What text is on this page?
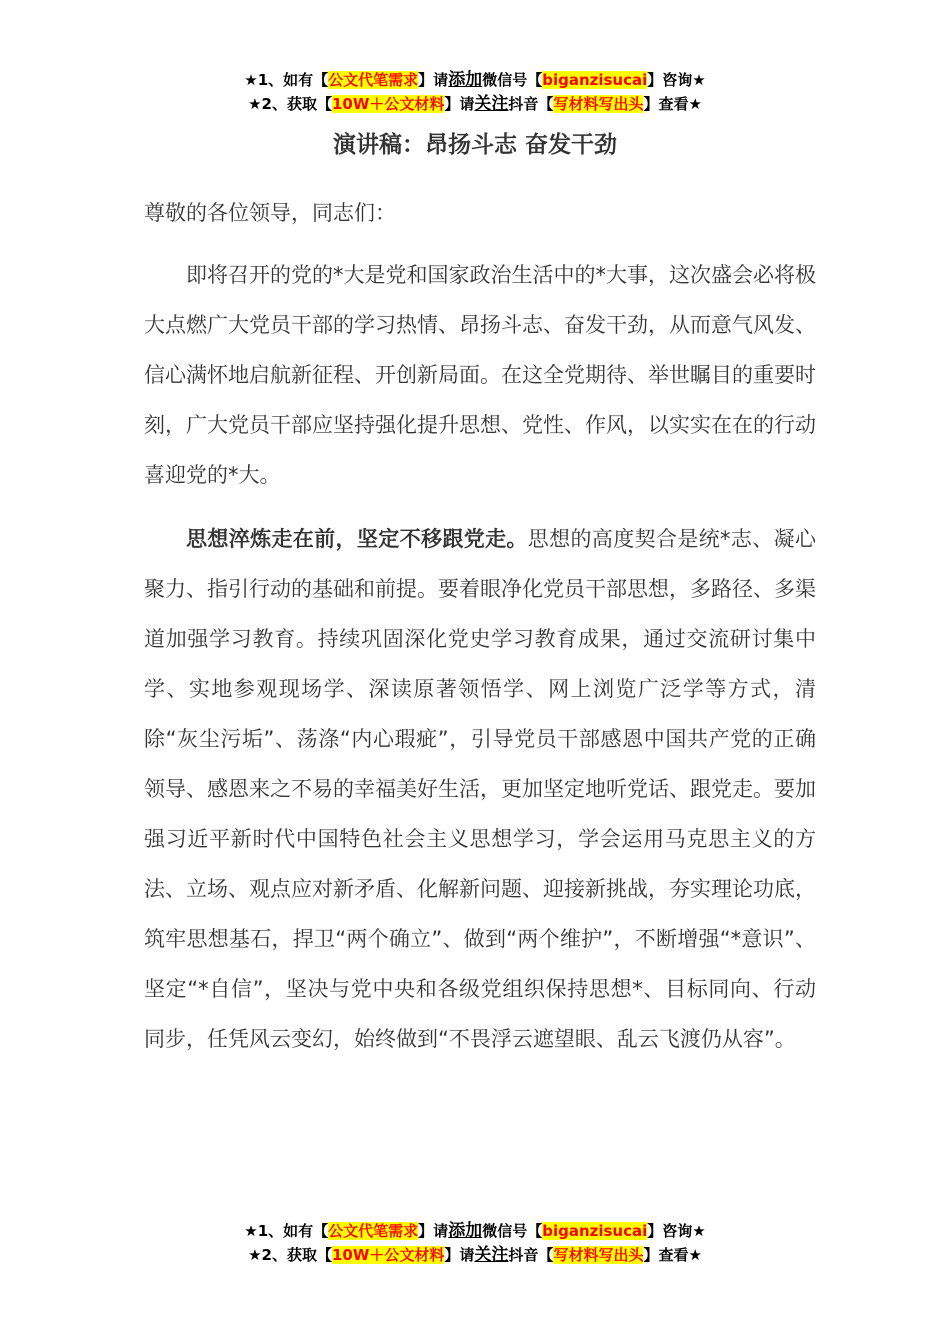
★1、如有【公文代笔需求】请添加微信号【biganzisucai】咨询★
★2、获取【10W＋公文材料】请关注抖音【写材料写出头】查看★
演讲稿：昂扬斗志 奋发干劲

尊敬的各位领导，同志们：

即将召开的党的*大是党和国家政治生活中的*大事，这次盛会必将极大点燃广大党员干部的学习热情、昂扬斗志、奋发干劲，从而意气风发、信心满怀地启航新征程、开创新局面。在这全党期待、举世瞩目的重要时刻，广大党员干部应坚持强化提升思想、党性、作风，以实实在在的行动喜迎党的*大。

思想淬炼走在前，坚定不移跟党走。思想的高度契合是统*志、凝心聚力、指引行动的基础和前提。要着眼净化党员干部思想，多路径、多渠道加强学习教育。持续巩固深化党史学习教育成果，通过交流研讨集中学、实地参观现场学、深读原著领悟学、网上浏览广泛学等方式，清除“灰尘污垢”、荡涤“内心瑕疵”，引导党员干部感恩中国共产党的正确领导、感恩来之不易的幸福美好生活，更加坚定地听党话、跟党走。要加强习近平新时代中国特色社会主义思想学习，学会运用马克思主义的方法、立场、观点应对新矛盾、化解新问题、迎接新挑战，夯实理论功底，筑牢思想基石，捍卫“两个确立”、做到“两个维护”，不断增强“*意识”、坚定“*自信”，坚决与党中央和各级党组织保持思想*、目标同向、行动同步，任凭风云变幻，始终做到“不畏浮云遮望眼、乱云飞渡仍从容”。

★1、如有【公文代笔需求】请添加微信号【biganzisucai】咨询★
★2、获取【10W＋公文材料】请关注抖音【写材料写出头】查看★
